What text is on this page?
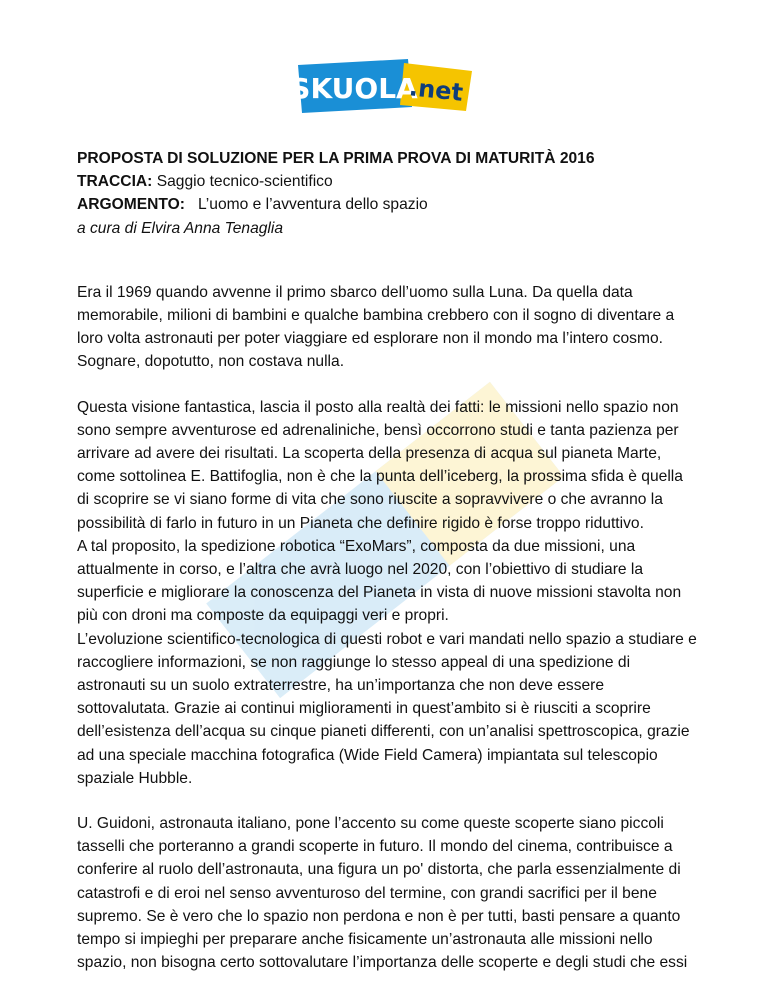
SKUOLA
.net

PROPOSTA DI SOLUZIONE PER LA PRIMA PROVA DI MATURITÀ 2016

TRACCIA: Saggio tecnico-scientifico

ARGOMENTO:   L’uomo e l’avventura dello spazio

a cura di Elvira Anna Tenaglia

Era il 1969 quando avvenne il primo sbarco dell’uomo sulla Luna. Da quella data
memorabile, milioni di bambini e qualche bambina crebbero con il sogno di diventare a
loro volta astronauti per poter viaggiare ed esplorare non il mondo ma l’intero cosmo.
Sognare, dopotutto, non costava nulla.
Questa visione fantastica, lascia il posto alla realtà dei fatti: le missioni nello spazio non
sono sempre avventurose ed adrenaliniche, bensì occorrono studi e tanta pazienza per
arrivare ad avere dei risultati. La scoperta della presenza di acqua sul pianeta Marte,
come sottolinea E. Battifoglia, non è che la punta dell’iceberg, la prossima sfida è quella
di scoprire se vi siano forme di vita che sono riuscite a sopravvivere o che avranno la
possibilità di farlo in futuro in un Pianeta che definire rigido è forse troppo riduttivo.
A tal proposito, la spedizione robotica “ExoMars”, composta da due missioni, una
attualmente in corso, e l’altra che avrà luogo nel 2020, con l’obiettivo di studiare la
superficie e migliorare la conoscenza del Pianeta in vista di nuove missioni stavolta non
più con droni ma composte da equipaggi veri e propri.
L’evoluzione scientifico-tecnologica di questi robot e vari mandati nello spazio a studiare e
raccogliere informazioni, se non raggiunge lo stesso appeal di una spedizione di
astronauti su un suolo extraterrestre, ha un’importanza che non deve essere
sottovalutata. Grazie ai continui miglioramenti in quest’ambito si è riusciti a scoprire
dell’esistenza dell’acqua su cinque pianeti differenti, con un’analisi spettroscopica, grazie
ad una speciale macchina fotografica (Wide Field Camera) impiantata sul telescopio
spaziale Hubble.
U. Guidoni, astronauta italiano, pone l’accento su come queste scoperte siano piccoli
tasselli che porteranno a grandi scoperte in futuro. Il mondo del cinema, contribuisce a
conferire al ruolo dell’astronauta, una figura un po' distorta, che parla essenzialmente di
catastrofi e di eroi nel senso avventuroso del termine, con grandi sacrifici per il bene
supremo. Se è vero che lo spazio non perdona e non è per tutti, basti pensare a quanto
tempo si impieghi per preparare anche fisicamente un’astronauta alle missioni nello
spazio, non bisogna certo sottovalutare l’importanza delle scoperte e degli studi che essi
